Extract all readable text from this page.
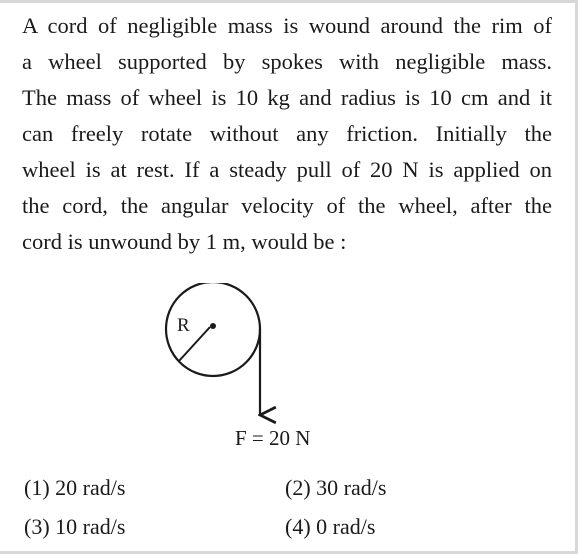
A cord of negligible mass is wound around the rim of
a wheel supported by spokes with negligible mass.
The mass of wheel is 10 kg and radius is 10 cm and it
can freely rotate without any friction. Initially the
wheel is at rest. If a steady pull of 20 N is applied on
the cord, the angular velocity of the wheel, after the
cord is unwound by 1 m, would be :
R
F = 20 N
(1) 20 rad/s	(2) 30 rad/s
(3) 10 rad/s	(4) 0 rad/s
